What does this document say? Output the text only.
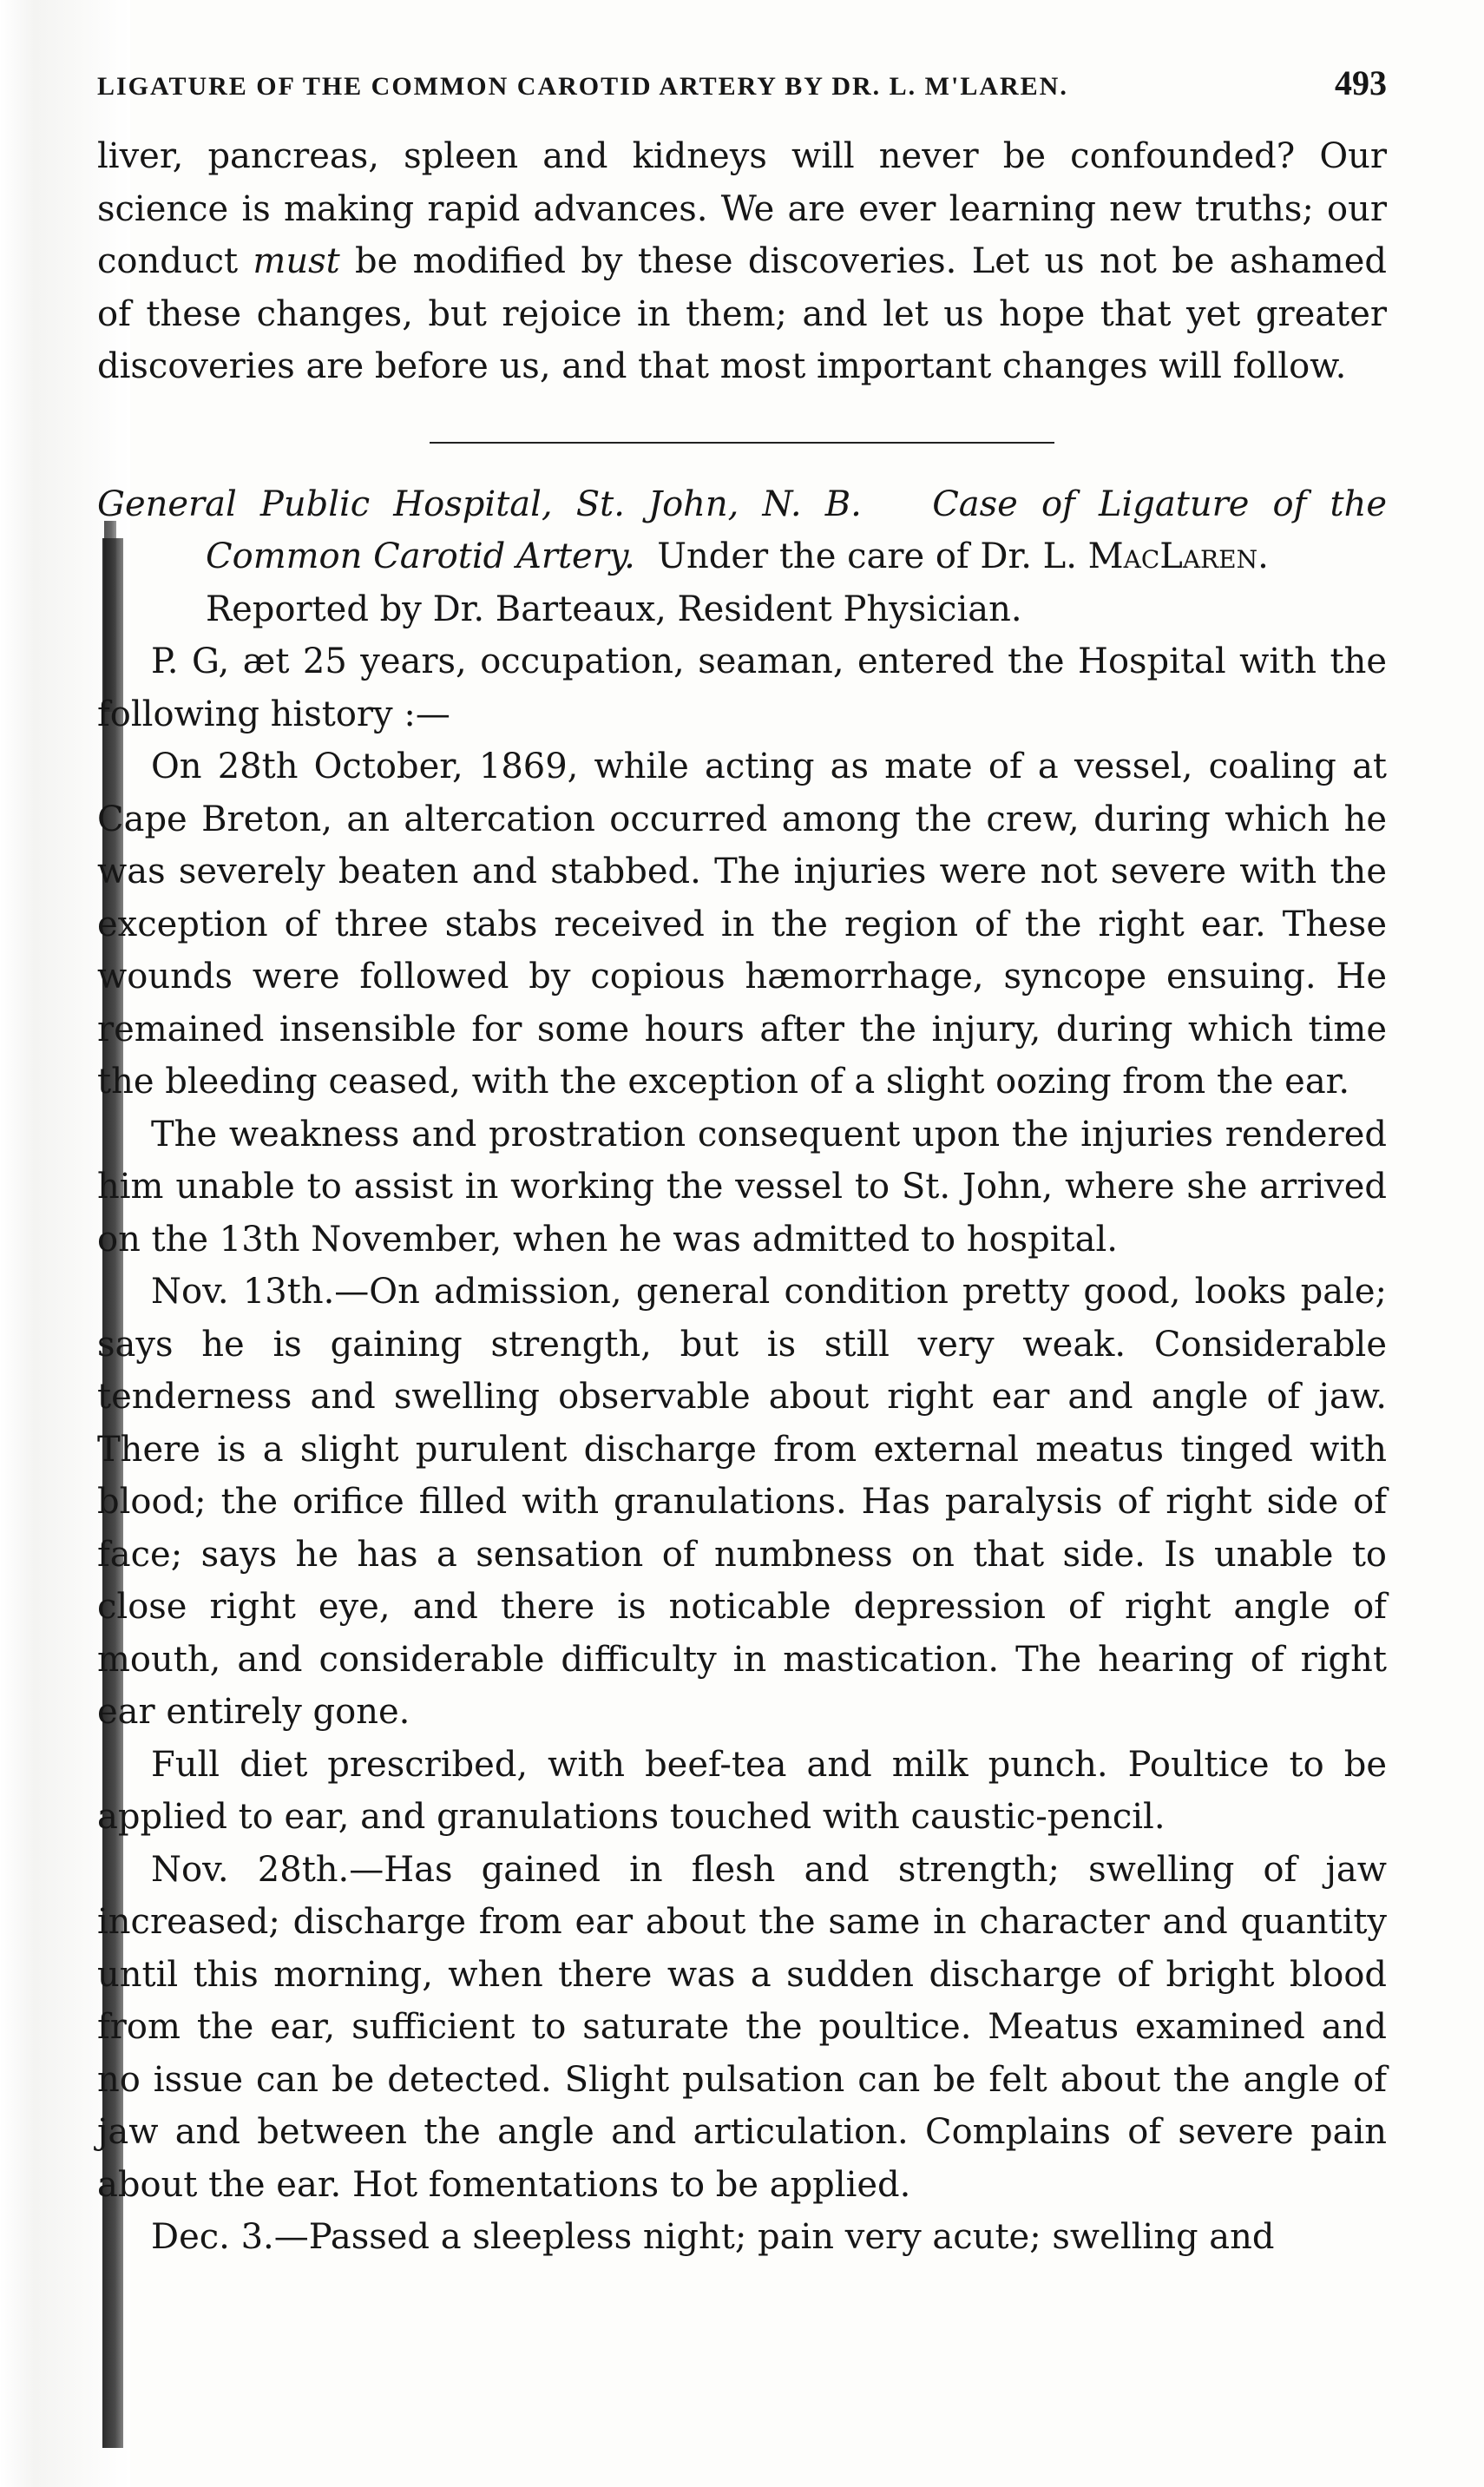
LIGATURE OF THE COMMON CAROTID ARTERY BY DR. L. M'LAREN.	493

liver, pancreas, spleen and kidneys will never be confounded? Our science is making rapid advances. We are ever learning new truths; our conduct must be modified by these discoveries. Let us not be ashamed of these changes, but rejoice in them; and let us hope that yet greater discoveries are before us, and that most important changes will follow.

General Public Hospital, St. John, N. B. Case of Ligature of the Common Carotid Artery. Under the care of Dr. L. MacLaren.
Reported by Dr. Barteaux, Resident Physician.

P. G, æt 25 years, occupation, seaman, entered the Hospital with the following history :—

On 28th October, 1869, while acting as mate of a vessel, coaling at Cape Breton, an altercation occurred among the crew, during which he was severely beaten and stabbed. The injuries were not severe with the exception of three stabs received in the region of the right ear. These wounds were followed by copious hæmorrhage, syncope ensuing. He remained insensible for some hours after the injury, during which time the bleeding ceased, with the exception of a slight oozing from the ear.

The weakness and prostration consequent upon the injuries rendered him unable to assist in working the vessel to St. John, where she arrived on the 13th November, when he was admitted to hospital.

Nov. 13th.—On admission, general condition pretty good, looks pale; says he is gaining strength, but is still very weak. Considerable tenderness and swelling observable about right ear and angle of jaw. There is a slight purulent discharge from external meatus tinged with blood; the orifice filled with granulations. Has paralysis of right side of face; says he has a sensation of numbness on that side. Is unable to close right eye, and there is noticable depression of right angle of mouth, and considerable difficulty in mastication. The hearing of right ear entirely gone.

Full diet prescribed, with beef-tea and milk punch. Poultice to be applied to ear, and granulations touched with caustic-pencil.

Nov. 28th.—Has gained in flesh and strength; swelling of jaw increased; discharge from ear about the same in character and quantity until this morning, when there was a sudden discharge of bright blood from the ear, sufficient to saturate the poultice. Meatus examined and no issue can be detected. Slight pulsation can be felt about the angle of jaw and between the angle and articulation. Complains of severe pain about the ear. Hot fomentations to be applied.

Dec. 3.—Passed a sleepless night; pain very acute; swelling and
